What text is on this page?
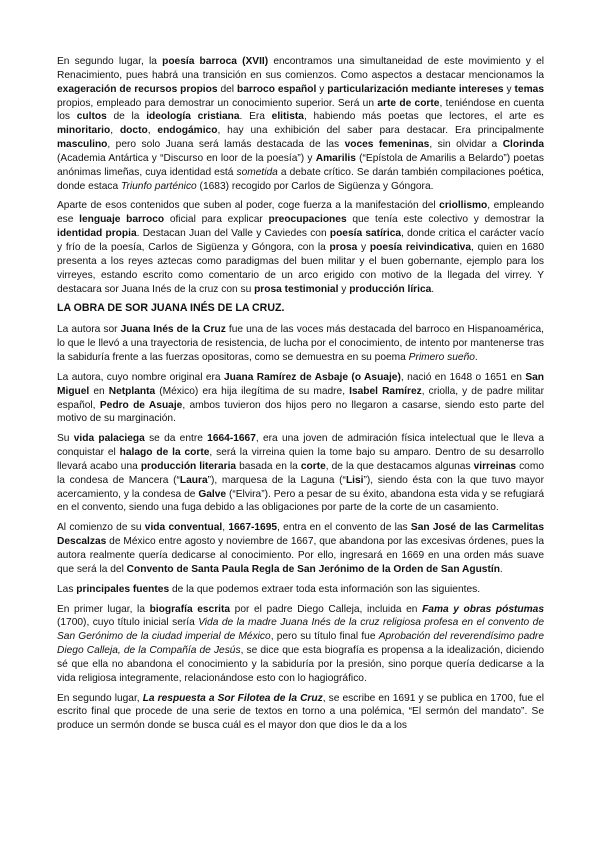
En segundo lugar, la poesía barroca (XVII) encontramos una simultaneidad de este movimiento y el Renacimiento, pues habrá una transición en sus comienzos. Como aspectos a destacar mencionamos la exageración de recursos propios del barroco español y particularización mediante intereses y temas propios, empleado para demostrar un conocimiento superior. Será un arte de corte, teniéndose en cuenta los cultos de la ideología cristiana. Era elitista, habiendo más poetas que lectores, el arte es minoritario, docto, endogámico, hay una exhibición del saber para destacar. Era principalmente masculino, pero solo Juana será lamás destacada de las voces femeninas, sin olvidar a Clorinda (Academia Antártica y “Discurso en loor de la poesía”) y Amarilis (“Epístola de Amarilis a Belardo”) poetas anónimas limeñas, cuya identidad está sometida a debate crítico. Se darán también compilaciones poética, donde estaca Triunfo parténico (1683) recogido por Carlos de Sigüenza y Góngora.

Aparte de esos contenidos que suben al poder, coge fuerza a la manifestación del criollismo, empleando ese lenguaje barroco oficial para explicar preocupaciones que tenía este colectivo y demostrar la identidad propia. Destacan Juan del Valle y Caviedes con poesía satírica, donde critica el carácter vacío y frío de la poesía, Carlos de Sigüenza y Góngora, con la prosa y poesía reivindicativa, quien en 1680 presenta a los reyes aztecas como paradigmas del buen militar y el buen gobernante, ejemplo para los virreyes, estando escrito como comentario de un arco erigido con motivo de la llegada del virrey. Y destacara sor Juana Inés de la cruz con su prosa testimonial y producción lírica.

LA OBRA DE SOR JUANA INÉS DE LA CRUZ.

La autora sor Juana Inés de la Cruz fue una de las voces más destacada del barroco en Hispanoamérica, lo que le llevó a una trayectoria de resistencia, de lucha por el conocimiento, de intento por mantenerse tras la sabiduría frente a las fuerzas opositoras, como se demuestra en su poema Primero sueño.

La autora, cuyo nombre original era Juana Ramírez de Asbaje (o Asuaje), nació en 1648 o 1651 en San Miguel en Netplanta (México) era hija ilegítima de su madre, Isabel Ramírez, criolla, y de padre militar español, Pedro de Asuaje, ambos tuvieron dos hijos pero no llegaron a casarse, siendo esto parte del motivo de su marginación.

Su vida palaciega se da entre 1664-1667, era una joven de admiración física intelectual que le lleva a conquistar el halago de la corte, será la virreina quien la tome bajo su amparo. Dentro de su desarrollo llevará acabo una producción literaria basada en la corte, de la que destacamos algunas virreinas como la condesa de Mancera (“Laura”), marquesa de la Laguna (“Lisi”), siendo ésta con la que tuvo mayor acercamiento, y la condesa de Galve (“Elvira”). Pero a pesar de su éxito, abandona esta vida y se refugiará en el convento, siendo una fuga debido a las obligaciones por parte de la corte de un casamiento.

Al comienzo de su vida conventual, 1667-1695, entra en el convento de las San José de las Carmelitas Descalzas de México entre agosto y noviembre de 1667, que abandona por las excesivas órdenes, pues la autora realmente quería dedicarse al conocimiento. Por ello, ingresará en 1669 en una orden más suave que será la del Convento de Santa Paula Regla de San Jerónimo de la Orden de San Agustín.

Las principales fuentes de la que podemos extraer toda esta información son las siguientes.

En primer lugar, la biografía escrita por el padre Diego Calleja, incluida en Fama y obras póstumas (1700), cuyo título inicial sería Vida de la madre Juana Inés de la cruz religiosa profesa en el convento de San Gerónimo de la ciudad imperial de México, pero su título final fue Aprobación del reverendísimo padre Diego Calleja, de la Compañía de Jesús, se dice que esta biografía es propensa a la idealización, diciendo sé que ella no abandona el conocimiento y la sabiduría por la presión, sino porque quería dedicarse a la vida religiosa integramente, relacionándose esto con lo hagiográfico.

En segundo lugar, La respuesta a Sor Filotea de la Cruz, se escribe en 1691 y se publica en 1700, fue el escrito final que procede de una serie de textos en torno a una polémica, “El sermón del mandato”. Se produce un sermón donde se busca cuál es el mayor don que dios le da a los
